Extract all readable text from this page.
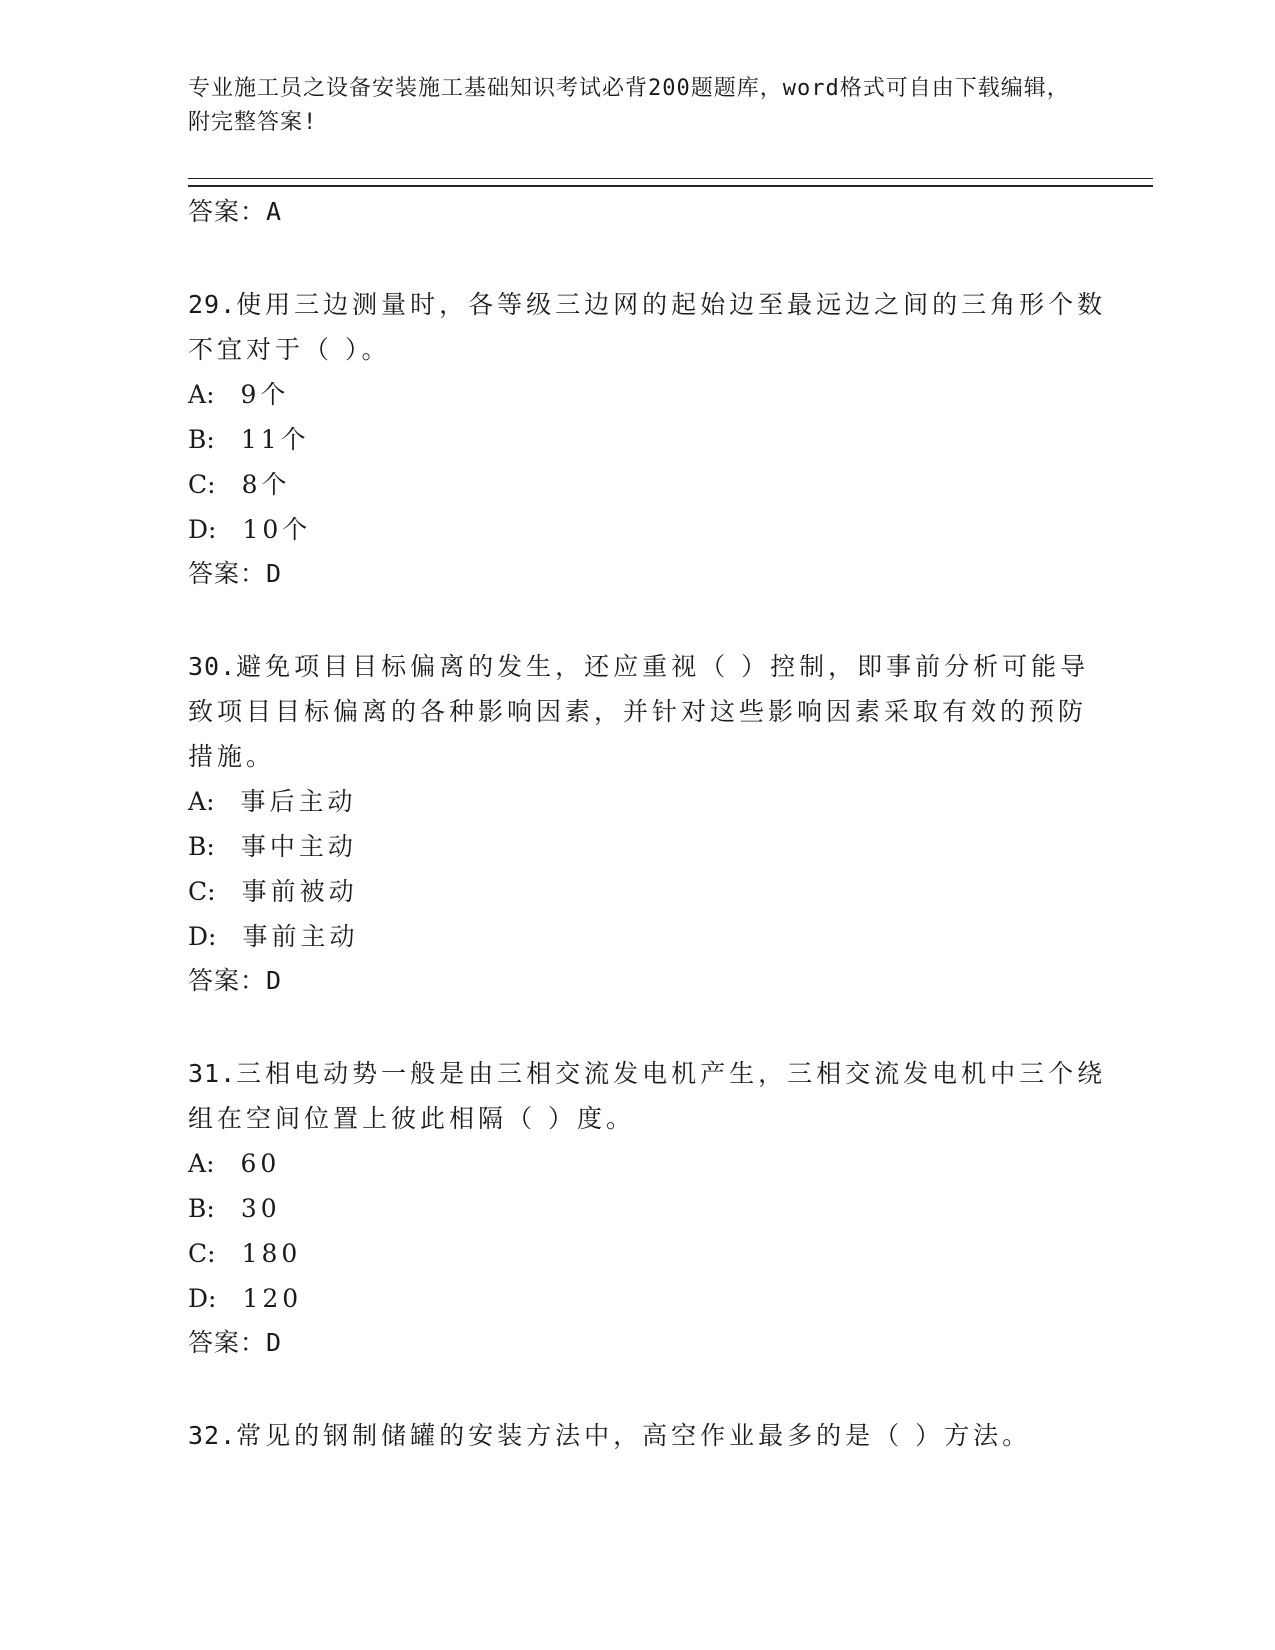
专业施工员之设备安装施工基础知识考试必背200题题库，word格式可自由下载编辑，附完整答案!
答案：A

29.使用三边测量时，各等级三边网的起始边至最远边之间的三角形个数不宜对于（ ）。

A: 9个
B: 11个
C: 8个
D: 10个
答案：D

30.避免项目目标偏离的发生，还应重视（ ）控制，即事前分析可能导致项目目标偏离的各种影响因素，并针对这些影响因素采取有效的预防措施。

A: 事后主动
B: 事中主动
C: 事前被动
D: 事前主动
答案：D

31.三相电动势一般是由三相交流发电机产生，三相交流发电机中三个绕组在空间位置上彼此相隔（ ）度。

A: 60
B: 30
C: 180
D: 120
答案：D

32.常见的钢制储罐的安装方法中，高空作业最多的是（ ）方法。
